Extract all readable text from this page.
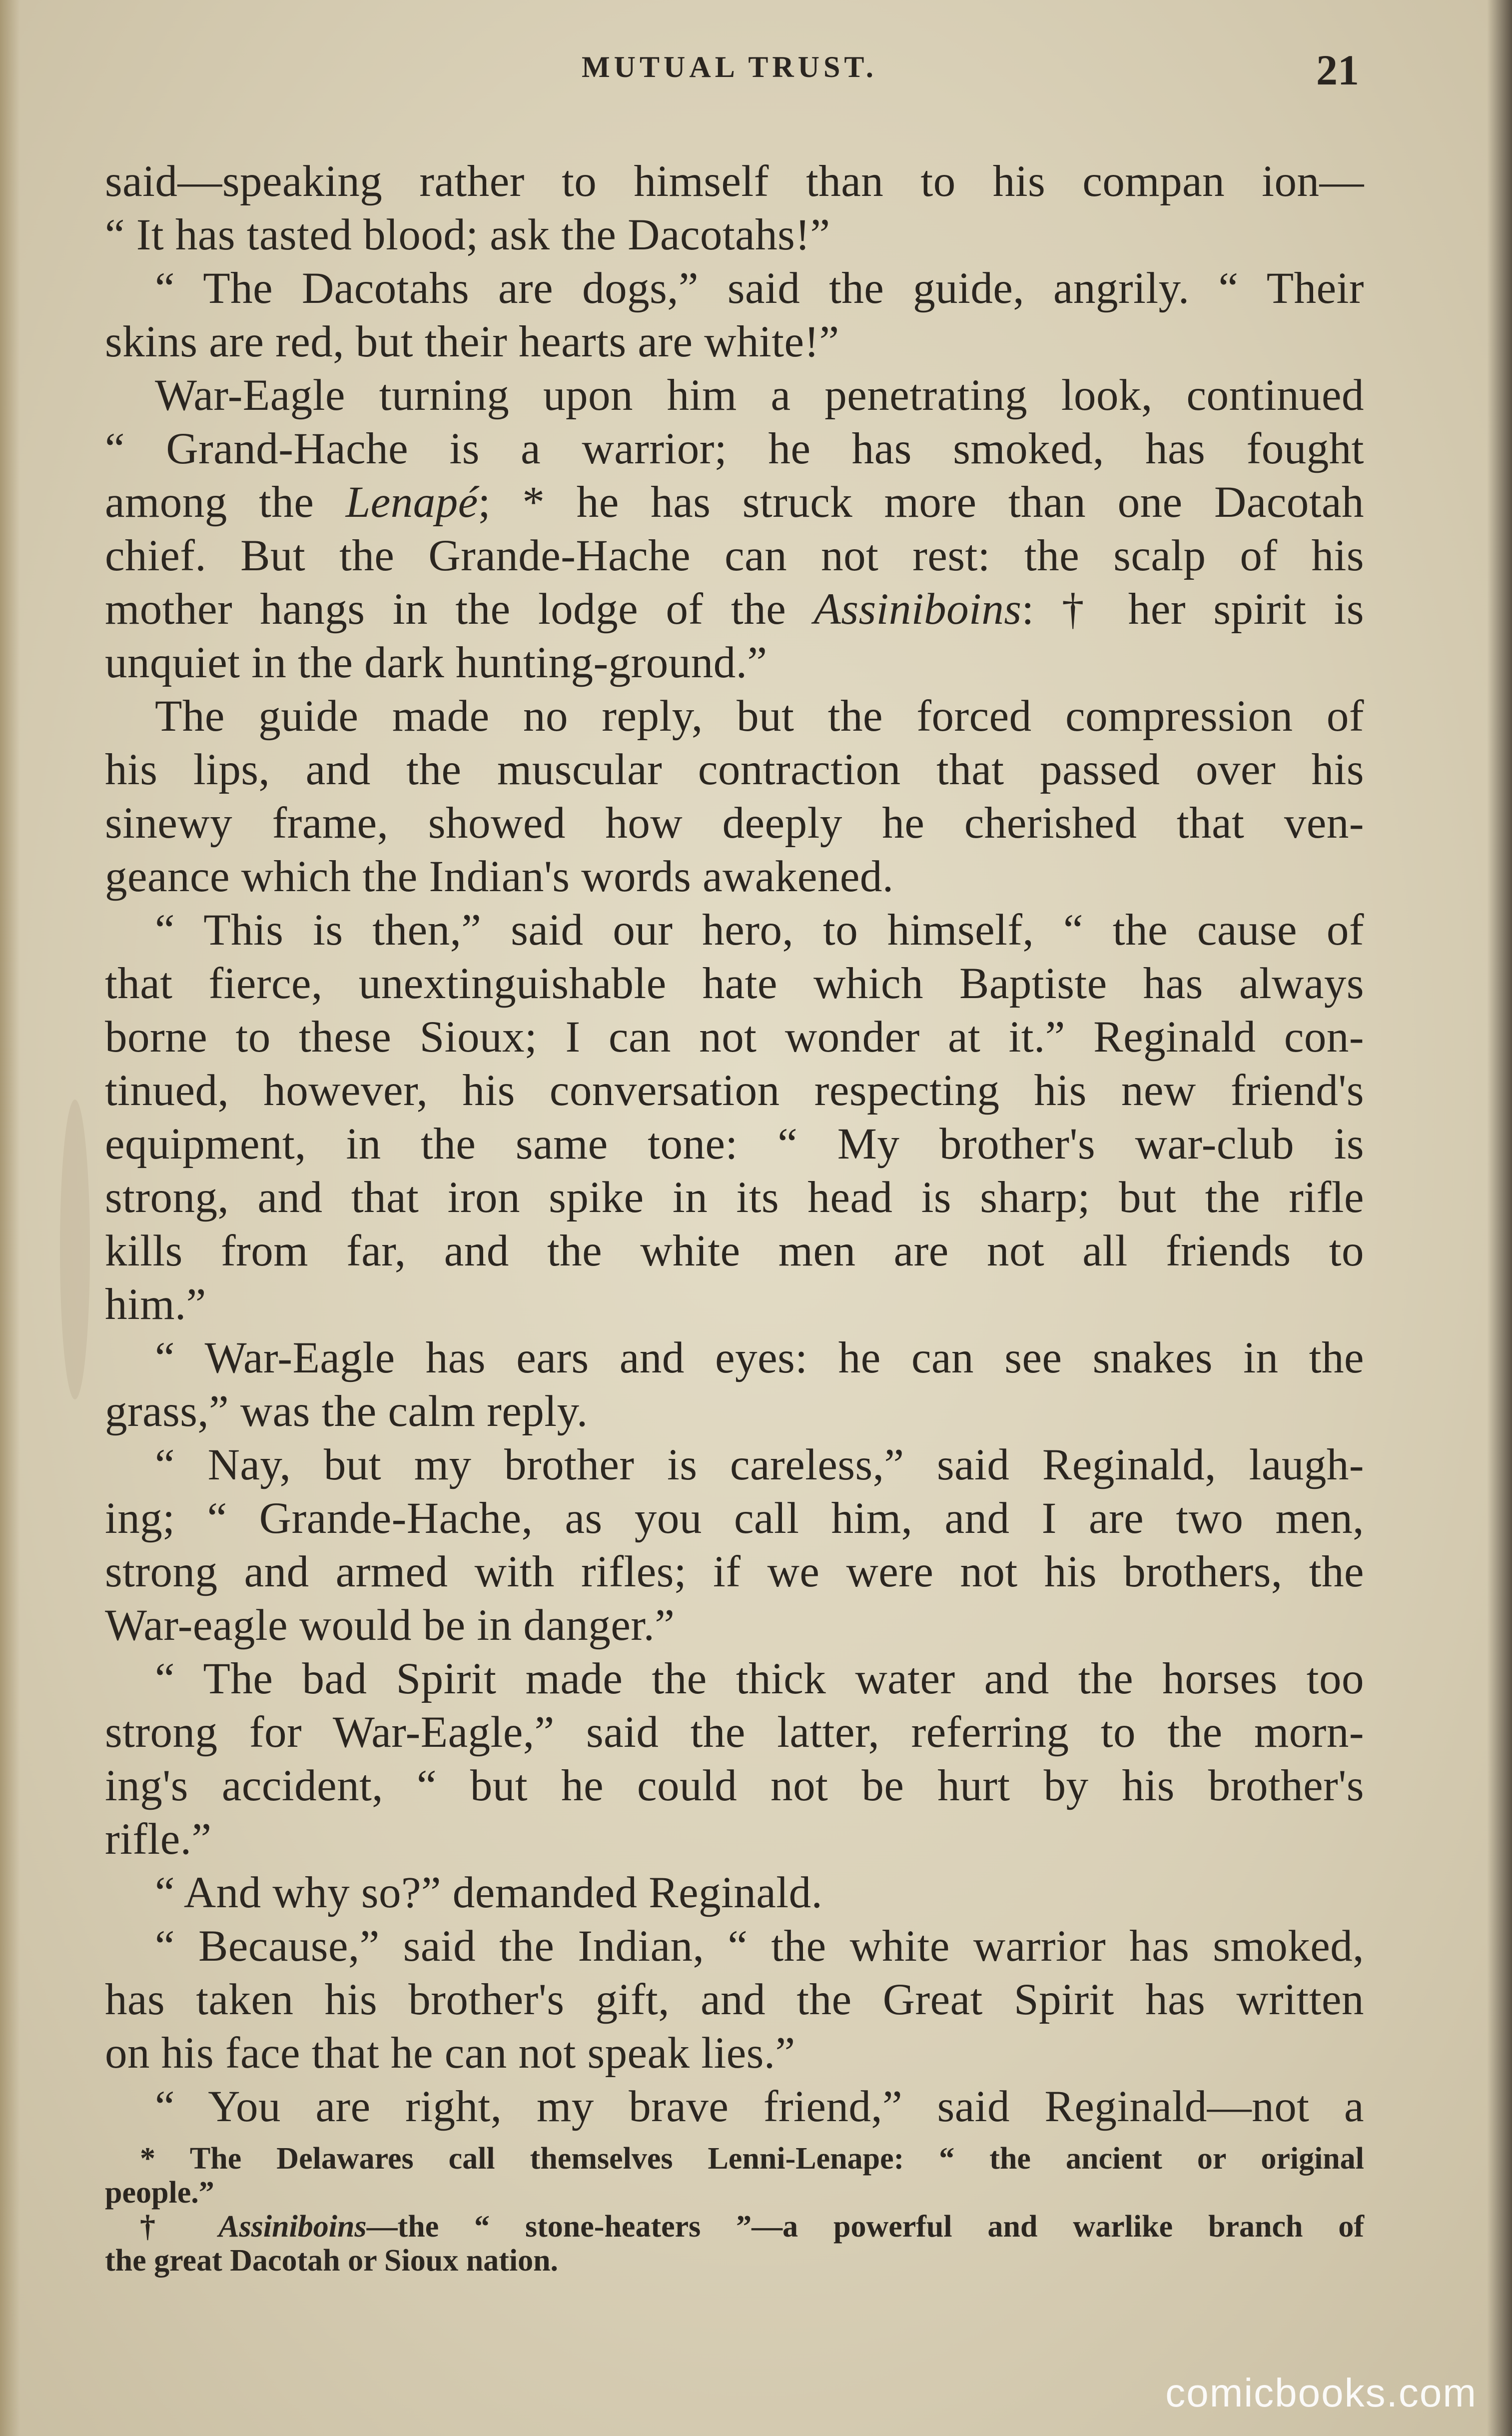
MUTUAL TRUST.	21
said—speaking rather to himself than to his compan ion—
“ It has tasted blood; ask the Dacotahs!”
“ The Dacotahs are dogs,” said the guide, angrily. “ Their
skins are red, but their hearts are white!”
War-Eagle turning upon him a penetrating look, continued
“ Grand-Hache is a warrior; he has smoked, has fought
among the Lenapé; * he has struck more than one Dacotah
chief. But the Grande-Hache can not rest: the scalp of his
mother hangs in the lodge of the Assiniboins: † her spirit is
unquiet in the dark hunting-ground.”
The guide made no reply, but the forced compression of
his lips, and the muscular contraction that passed over his
sinewy frame, showed how deeply he cherished that ven-
geance which the Indian's words awakened.
“ This is then,” said our hero, to himself, “ the cause of
that fierce, unextinguishable hate which Baptiste has always
borne to these Sioux; I can not wonder at it.” Reginald con-
tinued, however, his conversation respecting his new friend's
equipment, in the same tone: “ My brother's war-club is
strong, and that iron spike in its head is sharp; but the rifle
kills from far, and the white men are not all friends to
him.”
“ War-Eagle has ears and eyes: he can see snakes in the
grass,” was the calm reply.
“ Nay, but my brother is careless,” said Reginald, laugh-
ing; “ Grande-Hache, as you call him, and I are two men,
strong and armed with rifles; if we were not his brothers, the
War-eagle would be in danger.”
“ The bad Spirit made the thick water and the horses too
strong for War-Eagle,” said the latter, referring to the morn-
ing's accident, “ but he could not be hurt by his brother's
rifle.”
“ And why so?” demanded Reginald.
“ Because,” said the Indian, “ the white warrior has smoked,
has taken his brother's gift, and the Great Spirit has written
on his face that he can not speak lies.”
“ You are right, my brave friend,” said Reginald—not a
* The Delawares call themselves Lenni-Lenape: “ the ancient or original
people.”
† Assiniboins—the “ stone-heaters ”—a powerful and warlike branch of
the great Dacotah or Sioux nation.
comicbooks.com
